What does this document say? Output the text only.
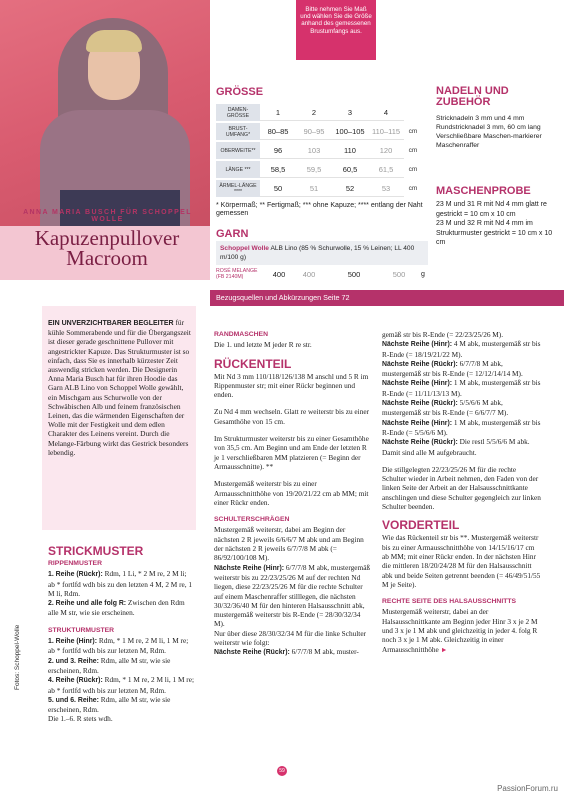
ANNA MARIA BUSCH FÜR SCHOPPEL WOLLE
Kapuzenpullover
Macroom
Bitte nehmen Sie Maß und wählen Sie die Größe anhand des gemessenen Brustumfangs aus.
GRÖSSE
DAMEN-GRÖSSE	1	2	3	4	
BRUST-UMFANG*	80–85	90–95	100–105	110–115	cm
OBERWEITE**	96	103	110	120	cm
LÄNGE ***	58,5	59,5	60,5	61,5	cm
ÄRMEL-LÄNGE ****	50	51	52	53	cm
* Körpermaß; ** Fertigmaß; *** ohne Kapuze; **** entlang der Naht gemessen
GARN
Schoppel Wolle ALB Lino (85 % Schurwolle, 15 % Leinen; LL 400 m/100 g)
ROSÉ MELANGE (FB 2140M)	400	400	500	500	g
NADELN UND
ZUBEHÖR
Stricknadeln 3 mm und 4 mm
Rundstricknadel 3 mm, 60 cm lang
Verschließbare Maschen-markierer
Maschenraffer
MASCHENPROBE
23 M und 31 R mit Nd 4 mm glatt re gestrickt = 10 cm x 10 cm
23 M und 32 R mit Nd 4 mm im Strukturmuster gestrickt = 10 cm x 10 cm
Bezugsquellen und Abkürzungen Seite 72
EIN UNVERZICHTBARER BEGLEITER für kühle Sommerabende und für die Übergangszeit ist dieser gerade geschnittene Pullover mit angestrickter Kapuze. Das Strukturmuster ist so einfach, dass Sie es innerhalb kürzester Zeit auswendig stricken werden. Die Designerin Anna Maria Busch hat für ihren Hoodie das Garn ALB Lino von Schoppel Wolle gewählt, ein Mischgarn aus Schurwolle von der Schwäbischen Alb und feinem französischen Leinen, das die wärmenden Eigenschaften der Wolle mit der Festigkeit und dem edlen Charakter des Leinens vereint. Durch die Melange-Färbung wirkt das Gestrick besonders lebendig.
STRICKMUSTER
RIPPENMUSTER

1. Reihe (Rückr): Rdm, 1 Li, * 2 M re, 2 M li; ab * fortlfd wdh bis zu den letzten 4 M, 2 M re, 1 M li, Rdm.
2. Reihe und alle folg R: Zwischen den Rdm alle M str, wie sie erscheinen.

STRUKTURMUSTER

1. Reihe (Hinr): Rdm, * 1 M re, 2 M li, 1 M re; ab * fortlfd wdh bis zur letzten M, Rdm.
2. und 3. Reihe: Rdm, alle M str, wie sie erscheinen, Rdm.
4. Reihe (Rückr): Rdm, * 1 M re, 2 M li, 1 M re; ab * fortlfd wdh bis zur letzten M, Rdm.
5. und 6. Reihe: Rdm, alle M str, wie sie erscheinen, Rdm.
Die 1.–6. R stets wdh.

RANDMASCHEN

Die 1. und letzte M jeder R re str.

RÜCKENTEIL

Mit Nd 3 mm 110/118/126/138 M anschl und 5 R im Rippenmuster str; mit einer Rückr beginnen und enden.

Zu Nd 4 mm wechseln. Glatt re weiterstr bis zu einer Gesamthöhe von 15 cm.

Im Strukturmuster weiterstr bis zu einer Gesamthöhe von 35,5 cm. Am Beginn und am Ende der letzten R je 1 verschließbaren MM platzieren (= Beginn der Armausschnitte). **

Mustergemäß weiterstr bis zu einer Armausschnitthöhe von 19/20/21/22 cm ab MM; mit einer Rückr enden.

SCHULTERSCHRÄGEN
Mustergemäß weiterstr, dabei am Beginn der nächsten 2 R jeweils 6/6/6/7 M abk und am Beginn der nächsten 2 R jeweils 6/7/7/8 M abk (= 86/92/100/108 M).
Nächste Reihe (Hinr): 6/7/7/8 M abk, mustergemäß weiterstr bis zu 22/23/25/26 M auf der rechten Nd liegen, diese 22/23/25/26 M für die rechte Schulter auf einem Maschenraffer stilllegen, die nächsten 30/32/36/40 M für den hinteren Halsausschnitt abk, mustergemäß weiterstr bis R-Ende (= 28/30/32/34 M).
Nur über diese 28/30/32/34 M für die linke Schulter weiterstr wie folgt:
Nächste Reihe (Rückr): 6/7/7/8 M abk, muster-

gemäß str bis R-Ende (= 22/23/25/26 M).
Nächste Reihe (Hinr): 4 M abk, mustergemäß str bis R-Ende (= 18/19/21/22 M).
Nächste Reihe (Rückr): 6/7/7/8 M abk, mustergemäß str bis R-Ende (= 12/12/14/14 M).
Nächste Reihe (Hinr): 1 M abk, mustergemäß str bis R-Ende (= 11/11/13/13 M).
Nächste Reihe (Rückr): 5/5/6/6 M abk, mustergemäß str bis R-Ende (= 6/6/7/7 M).
Nächste Reihe (Hinr): 1 M abk, mustergemäß str bis R-Ende (= 5/5/6/6 M).
Nächste Reihe (Rückr): Die restl 5/5/6/6 M abk.
Damit sind alle M aufgebraucht.

Die stillgelegten 22/23/25/26 M für die rechte Schulter wieder in Arbeit nehmen, den Faden von der linken Seite der Arbeit an der Halsausschnittkante anschlingen und diese Schulter gegengleich zur linken Schulter beenden.

VORDERTEIL

Wie das Rückenteil str bis **. Mustergemäß weiterstr bis zu einer Armausschnitthöhe von 14/15/16/17 cm ab MM; mit einer Rückr enden. In der nächsten Hinr die mittleren 18/20/24/28 M für den Halsausschnitt abk und beide Seiten getrennt beenden (= 46/49/51/55 M je Seite).

RECHTE SEITE DES HALSAUSSCHNITTS
Mustergemäß weiterstr, dabei an der Halsausschnittkante am Beginn jeder Hinr 3 x je 2 M und 3 x je 1 M abk und gleichzeitig in jeder 4. folg R noch 3 x je 1 M abk. Gleichzeitig in einer Armausschnitthöhe ►
Fotos: Schoppel-Wolle
59
PassionForum.ru
